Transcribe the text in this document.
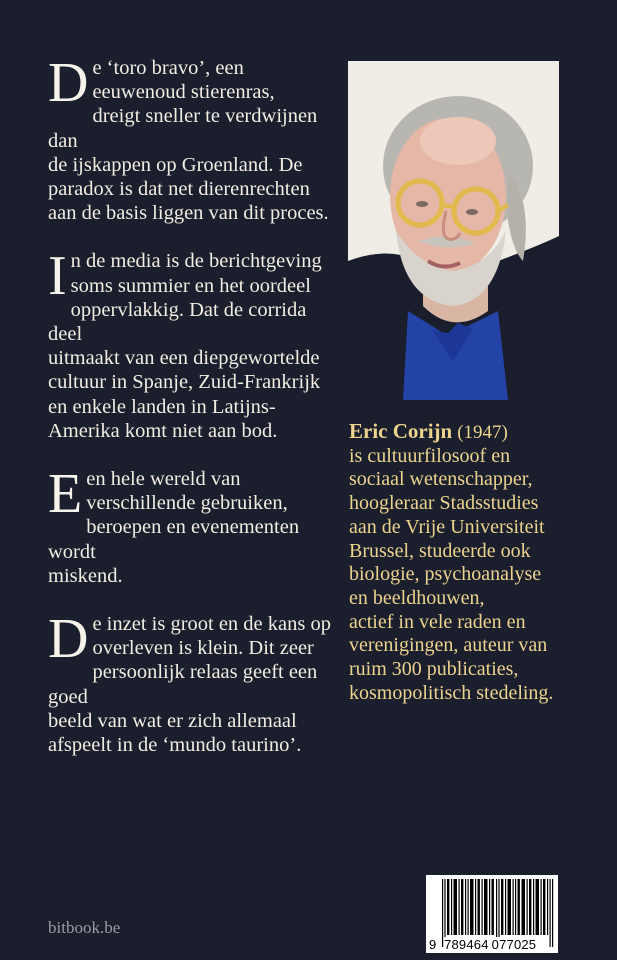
D e ‘toro bravo’, een
eeuwenoud stierenras,
dreigt sneller te verdwijnen dan
de ijskappen op Groenland. De
paradox is dat net dierenrechten
aan de basis liggen van dit proces.

I n de media is de berichtgeving
soms summier en het oordeel
oppervlakkig. Dat de corrida deel
uitmaakt van een diepgewortelde
cultuur in Spanje, Zuid-Frankrijk
en enkele landen in Latijns-
Amerika komt niet aan bod.

E en hele wereld van
verschillende gebruiken,
beroepen en evenementen wordt
miskend.

D e inzet is groot en de kans op
overleven is klein. Dit zeer
persoonlijk relaas geeft een goed
beeld van wat er zich allemaal
afspeelt in de ‘mundo taurino’.

Eric Corijn (1947)
is cultuurfilosoof en
sociaal wetenschapper,
hoogleraar Stadsstudies
aan de Vrije Universiteit
Brussel, studeerde ook
biologie, psychoanalyse
en beeldhouwen,
actief in vele raden en
verenigingen, auteur van
ruim 300 publicaties,
kosmopolitisch stedeling.
bitbook.be
9 789464 077025
